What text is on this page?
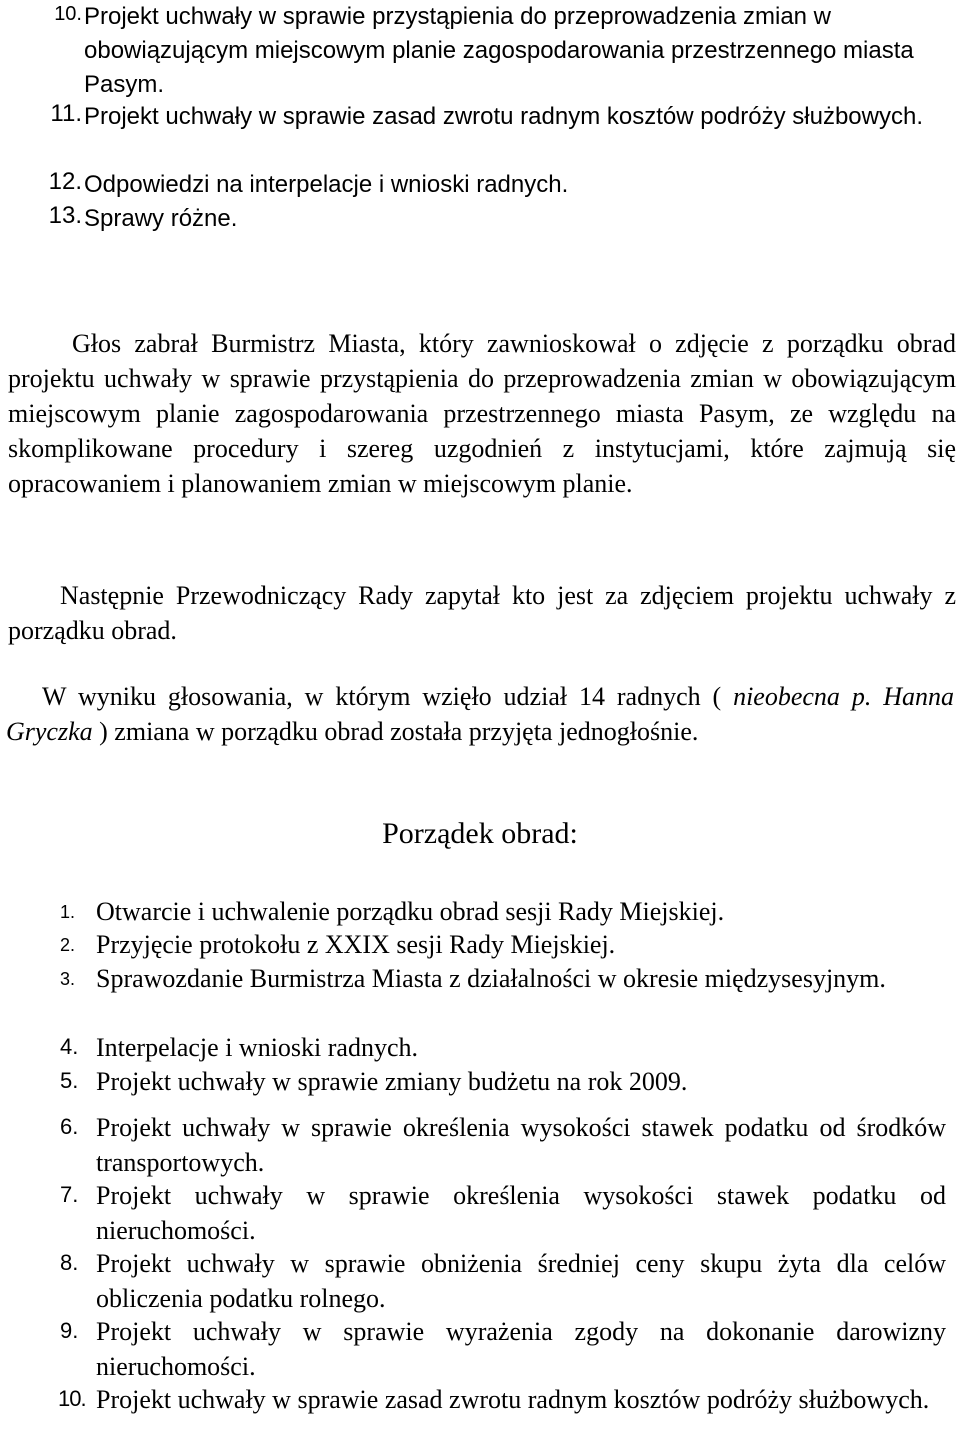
10. Projekt uchwały w sprawie przystąpienia do przeprowadzenia zmian w obowiązującym miejscowym planie zagospodarowania przestrzennego miasta Pasym.
11. Projekt uchwały w sprawie zasad zwrotu radnym kosztów podróży służbowych.
12. Odpowiedzi na interpelacje i wnioski radnych.
13. Sprawy różne.
Głos zabrał Burmistrz Miasta, który zawnioskował o zdjęcie z porządku obrad projektu uchwały w sprawie przystąpienia do przeprowadzenia zmian w obowiązującym miejscowym planie zagospodarowania przestrzennego miasta Pasym, ze względu na skomplikowane procedury i szereg uzgodnień z instytucjami, które zajmują się opracowaniem i planowaniem zmian w miejscowym planie.
Następnie Przewodniczący Rady zapytał kto jest za zdjęciem projektu uchwały z porządku obrad.
W wyniku głosowania, w którym wzięło udział 14 radnych ( nieobecna p. Hanna Gryczka ) zmiana w porządku obrad została przyjęta jednogłośnie.
Porządek obrad:
1. Otwarcie i uchwalenie porządku obrad sesji Rady Miejskiej.
2. Przyjęcie protokołu z XXIX sesji Rady Miejskiej.
3. Sprawozdanie Burmistrza Miasta z działalności w okresie międzysesyjnym.
4. Interpelacje i wnioski radnych.
5. Projekt uchwały w sprawie zmiany budżetu na rok 2009.
6. Projekt uchwały w sprawie określenia wysokości stawek podatku od środków transportowych.
7. Projekt uchwały w sprawie określenia wysokości stawek podatku od nieruchomości.
8. Projekt uchwały w sprawie obniżenia średniej ceny skupu żyta dla celów obliczenia podatku rolnego.
9. Projekt uchwały w sprawie wyrażenia zgody na dokonanie darowizny nieruchomości.
10. Projekt uchwały w sprawie zasad zwrotu radnym kosztów podróży służbowych.
